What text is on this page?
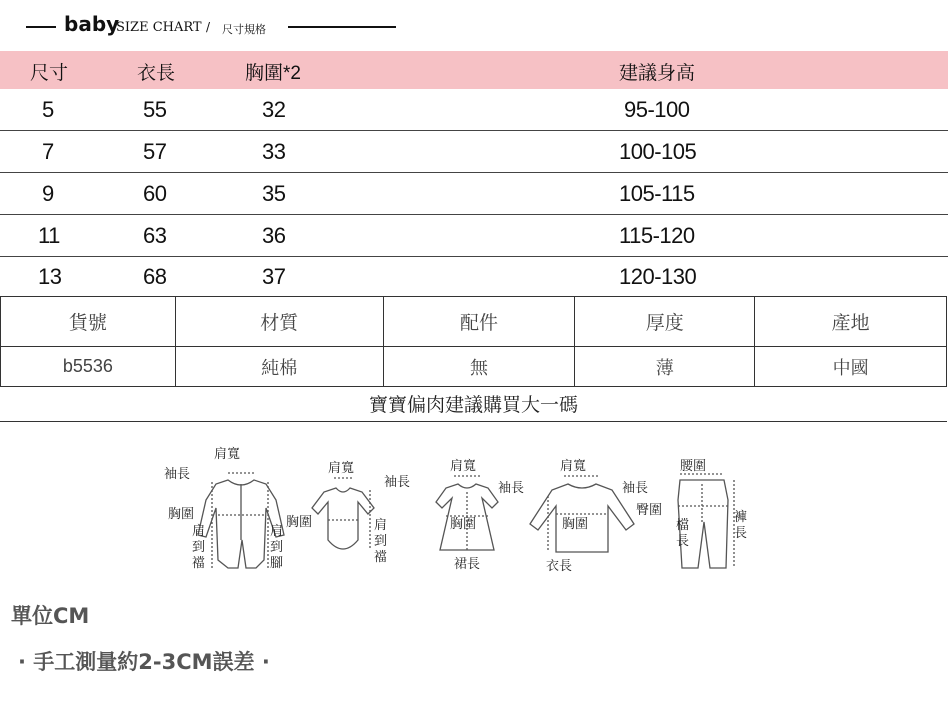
baby
SIZE CHART / 尺寸規格
尺寸	衣長	胸圍*2	建議身高
5	55	32	95-100
7	57	33	100-105
9	60	35	105-115
11	63	36	115-120
13	68	37	120-130
貨號	材質	配件	厚度	產地
b5536	純棉	無	薄	中國
寶寶偏肉建議購買大一碼
肩寬
袖長
胸圍
肩到襠
肩到腳
肩寬
袖長
胸圍	肩到襠
肩寬
袖長
胸圍
裙長
肩寬
袖長
胸圍
衣長
腰圍
臀圍
檔長
褲長
單位CM
· 手工測量約2-3CM誤差 ·
